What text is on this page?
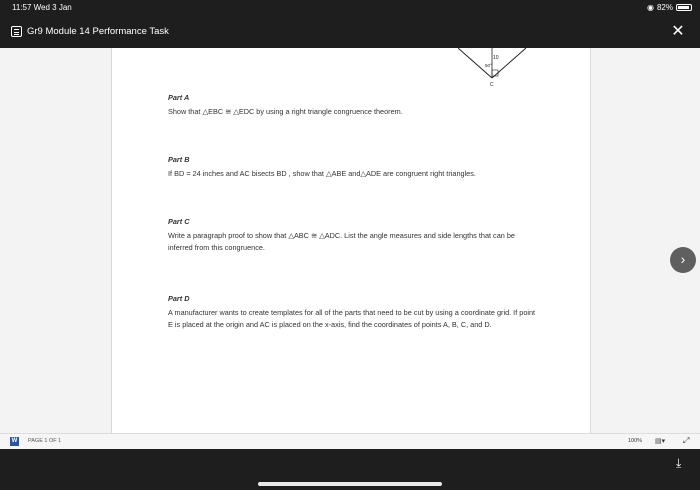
11:57 Wed 3 Jan	◉ 82%
Gr9 Module 14 Performance Task	✕
10
50°
C
Part A
Show that △EBC ≅ △EDC by using a right triangle congruence theorem.
Part B
If BD = 24 inches and AC bisects BD , show that △ABE and△ADE are congruent right triangles.
Part C
Write a paragraph proof to show that △ABC ≅ △ADC. List the angle measures and side lengths that can be inferred from this congruence.
Part D
A manufacturer wants to create templates for all of the parts that need to be cut by using a coordinate grid. If point E is placed at the origin and AC is placed on the x-axis, find the coordinates of points A, B, C, and D.
›
W	PAGE 1 OF 1	100% ▤▾ ⤢
⤓
